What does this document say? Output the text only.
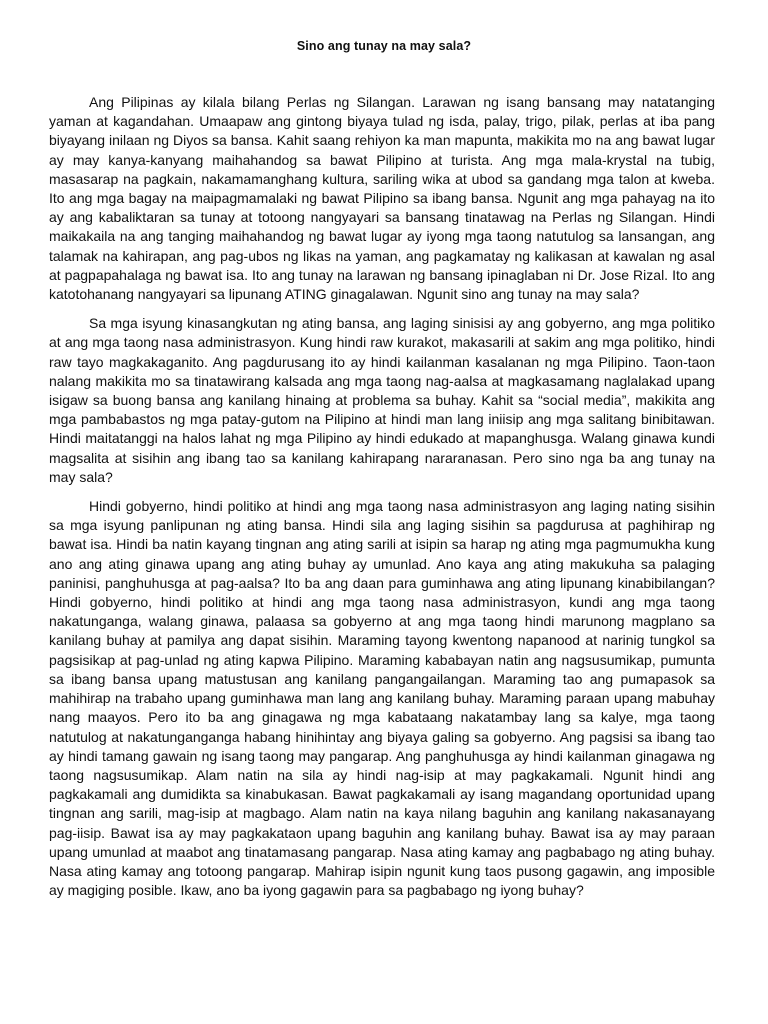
Sino ang tunay na may sala?

Ang Pilipinas ay kilala bilang Perlas ng Silangan. Larawan ng isang bansang may natatanging yaman at kagandahan. Umaapaw ang gintong biyaya tulad ng isda, palay, trigo, pilak, perlas at iba pang biyayang inilaan ng Diyos sa bansa. Kahit saang rehiyon ka man mapunta, makikita mo na ang bawat lugar ay may kanya-kanyang maihahandog sa bawat Pilipino at turista. Ang mga mala-krystal na tubig, masasarap na pagkain, nakamamanghang kultura, sariling wika at ubod sa gandang mga talon at kweba. Ito ang mga bagay na maipagmamalaki ng bawat Pilipino sa ibang bansa. Ngunit ang mga pahayag na ito ay ang kabaliktaran sa tunay at totoong nangyayari sa bansang tinatawag na Perlas ng Silangan. Hindi maikakaila na ang tanging maihahandog ng bawat lugar ay iyong mga taong natutulog sa lansangan, ang talamak na kahirapan, ang pag-ubos ng likas na yaman, ang pagkamatay ng kalikasan at kawalan ng asal at pagpapahalaga ng bawat isa. Ito ang tunay na larawan ng bansang ipinaglaban ni Dr. Jose Rizal. Ito ang katotohanang nangyayari sa lipunang ATING ginagalawan. Ngunit sino ang tunay na may sala?

Sa mga isyung kinasangkutan ng ating bansa, ang laging sinisisi ay ang gobyerno, ang mga politiko at ang mga taong nasa administrasyon. Kung hindi raw kurakot, makasarili at sakim ang mga politiko, hindi raw tayo magkakaganito. Ang pagdurusang ito ay hindi kailanman kasalanan ng mga Pilipino. Taon-taon nalang makikita mo sa tinatawirang kalsada ang mga taong nag-aalsa at magkasamang naglalakad upang isigaw sa buong bansa ang kanilang hinaing at problema sa buhay. Kahit sa “social media”, makikita ang mga pambabastos ng mga patay-gutom na Pilipino at hindi man lang iniisip ang mga salitang binibitawan. Hindi maitatanggi na halos lahat ng mga Pilipino ay hindi edukado at mapanghusga. Walang ginawa kundi magsalita at sisihin ang ibang tao sa kanilang kahirapang nararanasan. Pero sino nga ba ang tunay na may sala?

Hindi gobyerno, hindi politiko at hindi ang mga taong nasa administrasyon ang laging nating sisihin sa mga isyung panlipunan ng ating bansa. Hindi sila ang laging sisihin sa pagdurusa at paghihirap ng bawat isa. Hindi ba natin kayang tingnan ang ating sarili at isipin sa harap ng ating mga pagmumukha kung ano ang ating ginawa upang ang ating buhay ay umunlad. Ano kaya ang ating makukuha sa palaging paninisi, panghuhusga at pag-aalsa? Ito ba ang daan para guminhawa ang ating lipunang kinabibilangan? Hindi gobyerno, hindi politiko at hindi ang mga taong nasa administrasyon, kundi ang mga taong nakatunganga, walang ginawa, palaasa sa gobyerno at ang mga taong hindi marunong magplano sa kanilang buhay at pamilya ang dapat sisihin. Maraming tayong kwentong napanood at narinig tungkol sa pagsisikap at pag-unlad ng ating kapwa Pilipino. Maraming kababayan natin ang nagsusumikap, pumunta sa ibang bansa upang matustusan ang kanilang pangangailangan. Maraming tao ang pumapasok sa mahihirap na trabaho upang guminhawa man lang ang kanilang buhay. Maraming paraan upang mabuhay nang maayos. Pero ito ba ang ginagawa ng mga kabataang nakatambay lang sa kalye, mga taong natutulog at nakatunganganga habang hinihintay ang biyaya galing sa gobyerno. Ang pagsisi sa ibang tao ay hindi tamang gawain ng isang taong may pangarap. Ang panghuhusga ay hindi kailanman ginagawa ng taong nagsusumikap. Alam natin na sila ay hindi nag-isip at may pagkakamali. Ngunit hindi ang pagkakamali ang dumidikta sa kinabukasan. Bawat pagkakamali ay isang magandang oportunidad upang tingnan ang sarili, mag-isip at magbago. Alam natin na kaya nilang baguhin ang kanilang nakasanayang pag-iisip. Bawat isa ay may pagkakataon upang baguhin ang kanilang buhay. Bawat isa ay may paraan upang umunlad at maabot ang tinatamasang pangarap. Nasa ating kamay ang pagbabago ng ating buhay. Nasa ating kamay ang totoong pangarap. Mahirap isipin ngunit kung taos pusong gagawin, ang imposible ay magiging posible. Ikaw, ano ba iyong gagawin para sa pagbabago ng iyong buhay?
